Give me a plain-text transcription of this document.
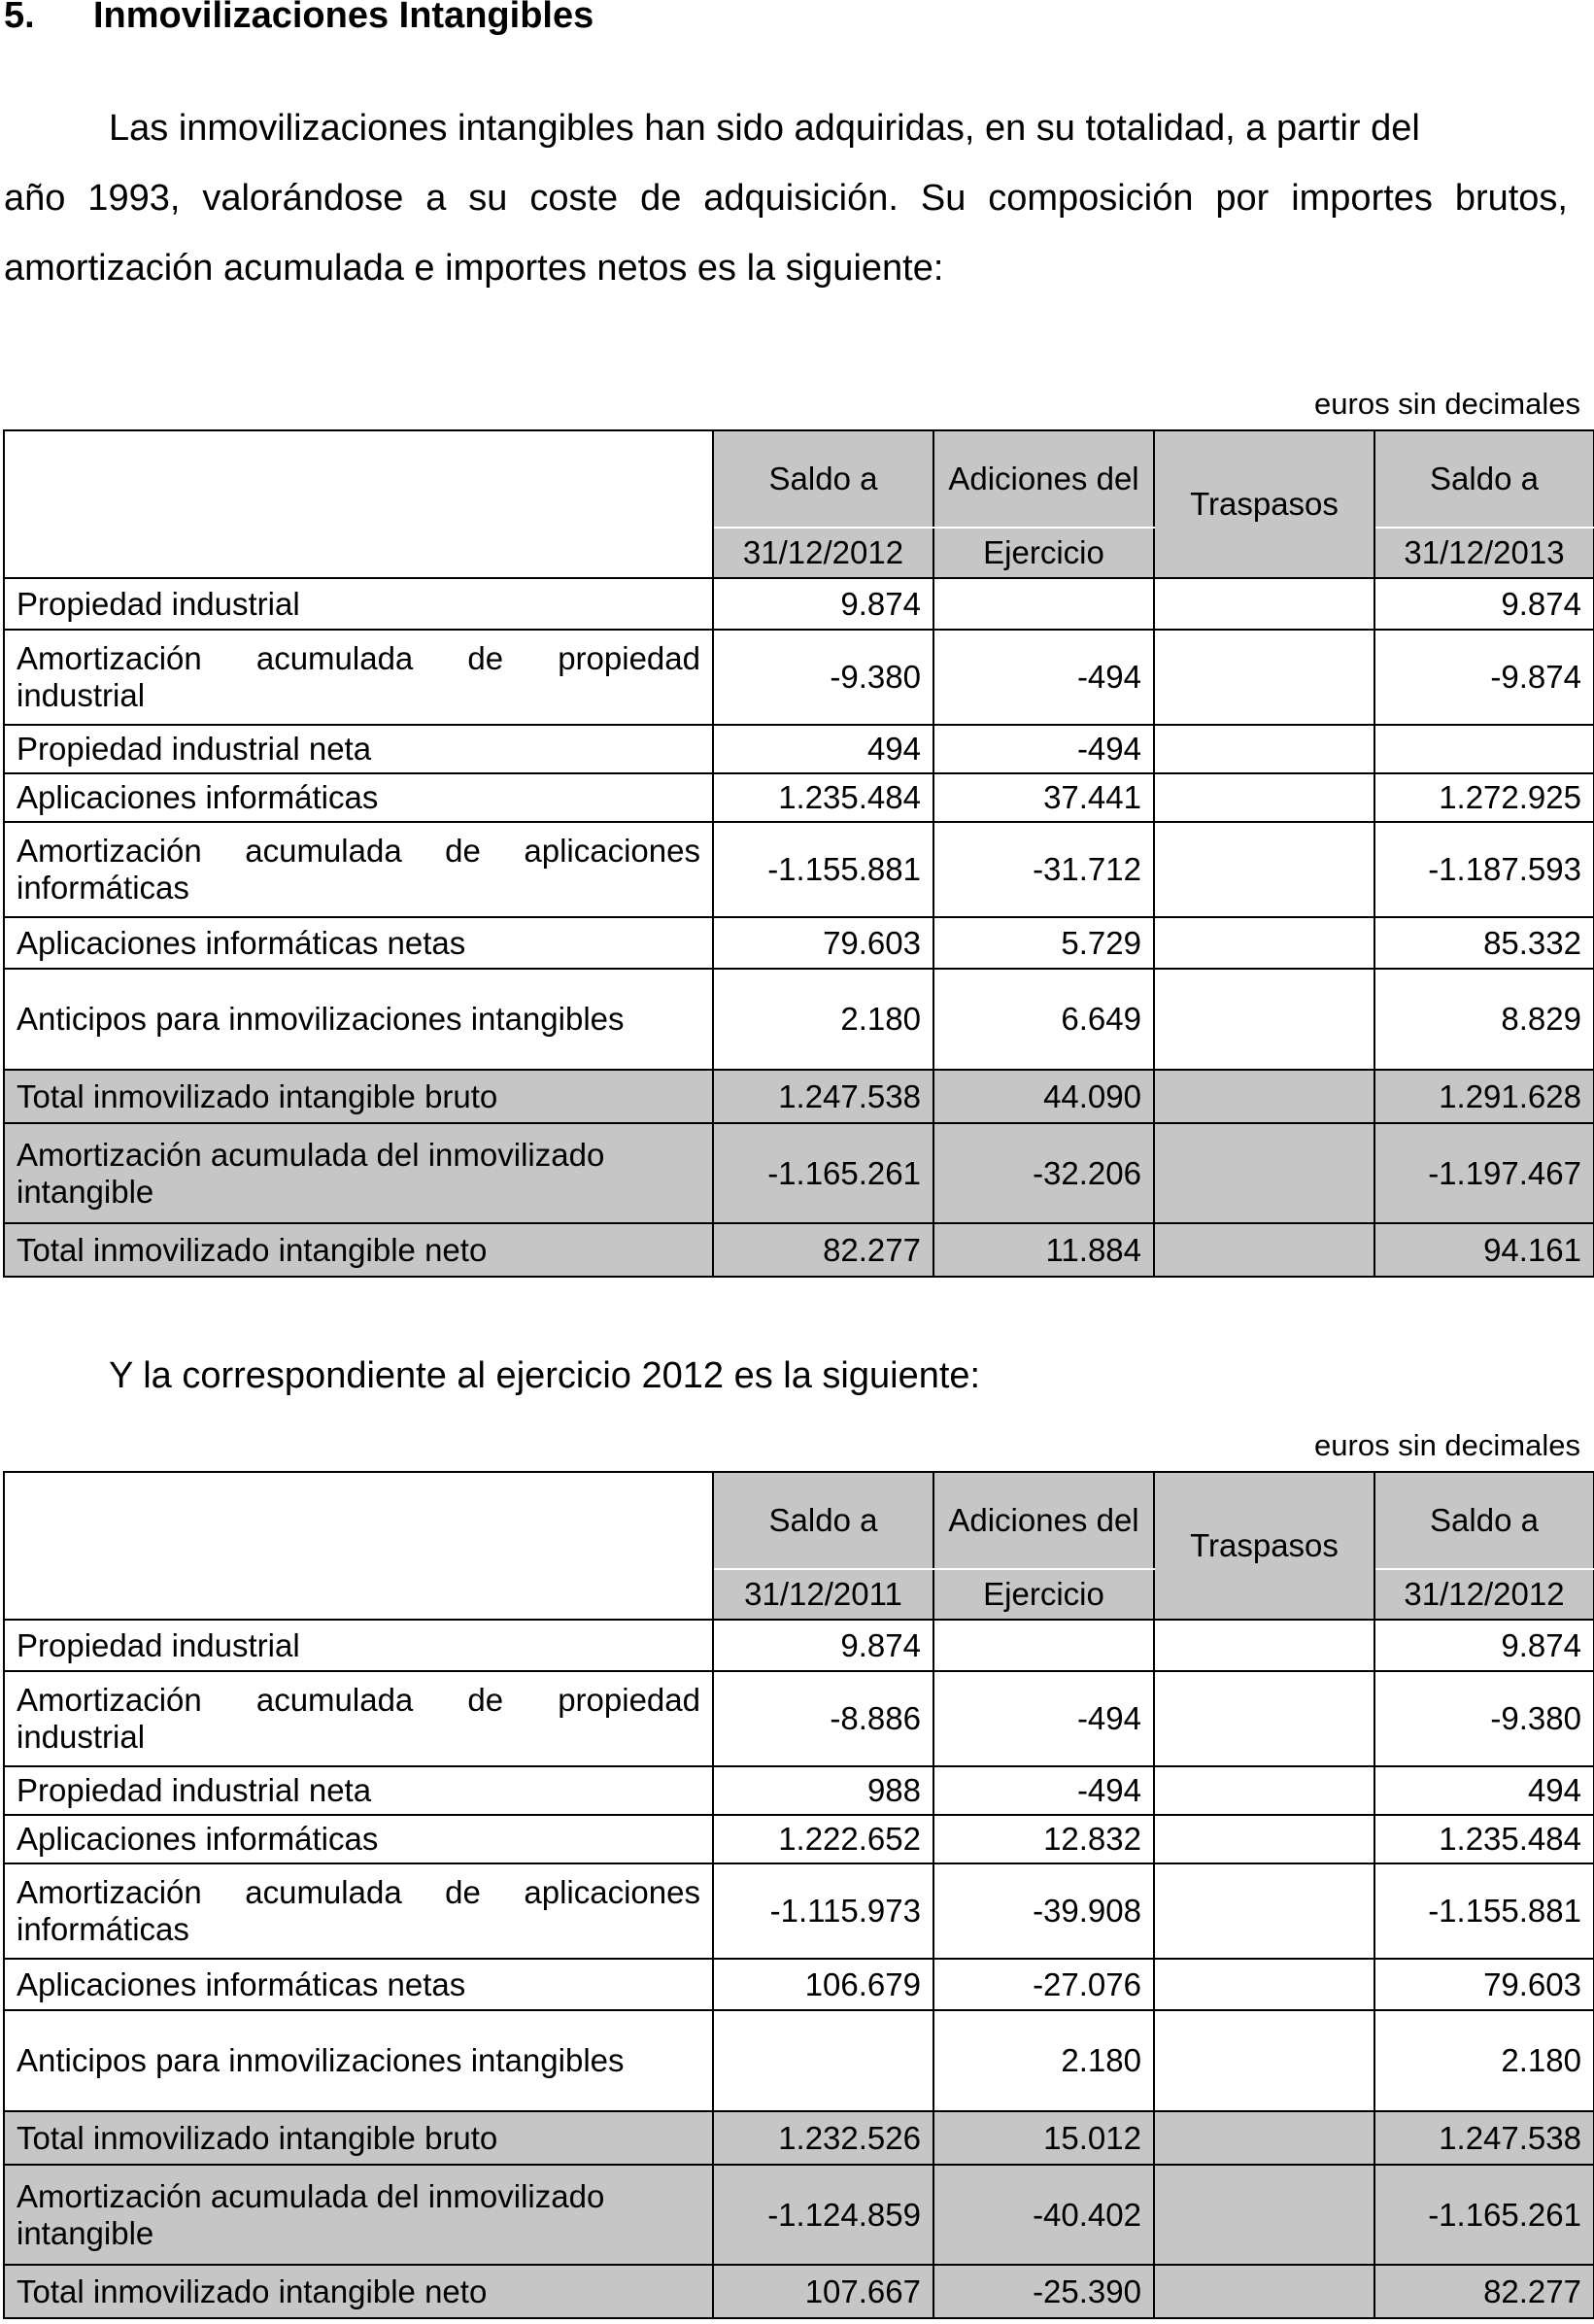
5. Inmovilizaciones Intangibles
Las inmovilizaciones intangibles han sido adquiridas, en su totalidad, a partir del
año 1993, valorándose a su coste de adquisición. Su composición por importes brutos,
amortización acumulada e importes netos es la siguiente:
euros sin decimales
	Saldo a	Adiciones del	Traspasos	Saldo a
	31/12/2012	Ejercicio		31/12/2013
Propiedad industrial	9.874			9.874
Amortización acumulada de propiedad industrial	-9.380	-494		-9.874
Propiedad industrial neta	494	-494		
Aplicaciones informáticas	1.235.484	37.441		1.272.925
Amortización acumulada de aplicaciones informáticas	-1.155.881	-31.712		-1.187.593
Aplicaciones informáticas netas	79.603	5.729		85.332
Anticipos para inmovilizaciones intangibles	2.180	6.649		8.829
Total inmovilizado intangible bruto	1.247.538	44.090		1.291.628
Amortización acumulada del inmovilizado intangible	-1.165.261	-32.206		-1.197.467
Total inmovilizado intangible neto	82.277	11.884		94.161
Y la correspondiente al ejercicio 2012 es la siguiente:
euros sin decimales
	Saldo a	Adiciones del	Traspasos	Saldo a
	31/12/2011	Ejercicio		31/12/2012
Propiedad industrial	9.874			9.874
Amortización acumulada de propiedad industrial	-8.886	-494		-9.380
Propiedad industrial neta	988	-494		494
Aplicaciones informáticas	1.222.652	12.832		1.235.484
Amortización acumulada de aplicaciones informáticas	-1.115.973	-39.908		-1.155.881
Aplicaciones informáticas netas	106.679	-27.076		79.603
Anticipos para inmovilizaciones intangibles		2.180		2.180
Total inmovilizado intangible bruto	1.232.526	15.012		1.247.538
Amortización acumulada del inmovilizado intangible	-1.124.859	-40.402		-1.165.261
Total inmovilizado intangible neto	107.667	-25.390		82.277
